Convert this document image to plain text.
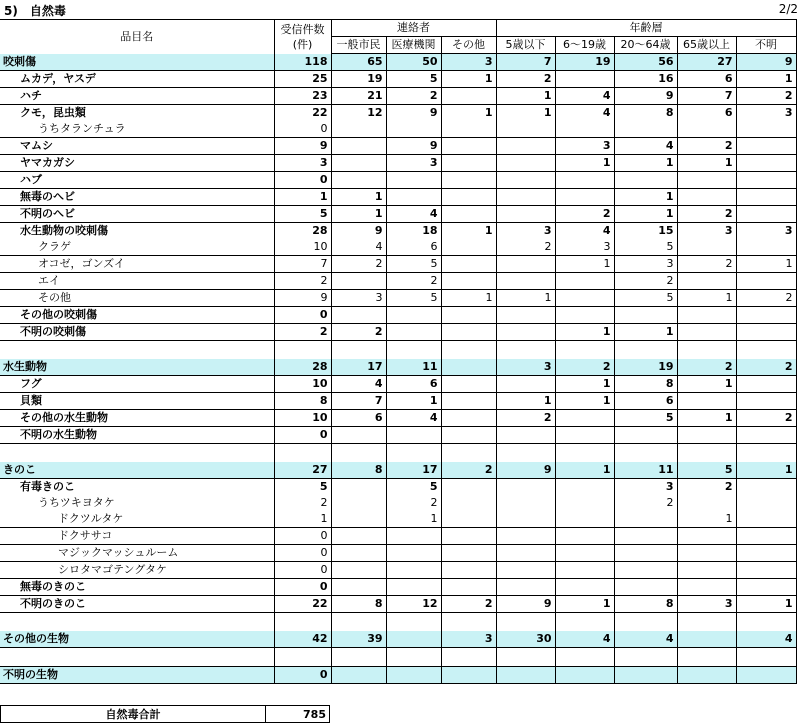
5)　自然毒	2/2
品目名	受信件数
(件)	連絡者			年齢層				
		一般市民	医療機関	その他	5歳以下	6～19歳	20～64歳	65歳以上	不明
咬刺傷	118	65	50	3	7	19	56	27	9
ムカデ，ヤスデ	25	19	5	1	2		16	6	1
ハチ	23	21	2		1	4	9	7	2
クモ，昆虫類	22	12	9	1	1	4	8	6	3
うちタランチュラ	0								
マムシ	9		9			3	4	2	
ヤマカガシ	3		3			1	1	1	
ハブ	0								
無毒のヘビ	1	1					1		
不明のヘビ	5	1	4			2	1	2	
水生動物の咬刺傷	28	9	18	1	3	4	15	3	3
クラゲ	10	4	6		2	3	5		
オコゼ，ゴンズイ	7	2	5			1	3	2	1
エイ	2		2				2		
その他	9	3	5	1	1		5	1	2
その他の咬刺傷	0								
不明の咬刺傷	2	2				1	1		

水生動物	28	17	11		3	2	19	2	2
フグ	10	4	6			1	8	1	
貝類	8	7	1		1	1	6		
その他の水生動物	10	6	4		2		5	1	2
不明の水生動物	0								

きのこ	27	8	17	2	9	1	11	5	1
有毒きのこ	5		5				3	2	
うちツキヨタケ	2		2				2		
ドクツルタケ	1		1					1	
ドクササコ	0								
マジックマッシュルーム	0								
シロタマゴテングタケ	0								
無毒のきのこ	0								
不明のきのこ	22	8	12	2	9	1	8	3	1

その他の生物	42	39		3	30	4	4		4

不明の生物	0								
自然毒合計	785
